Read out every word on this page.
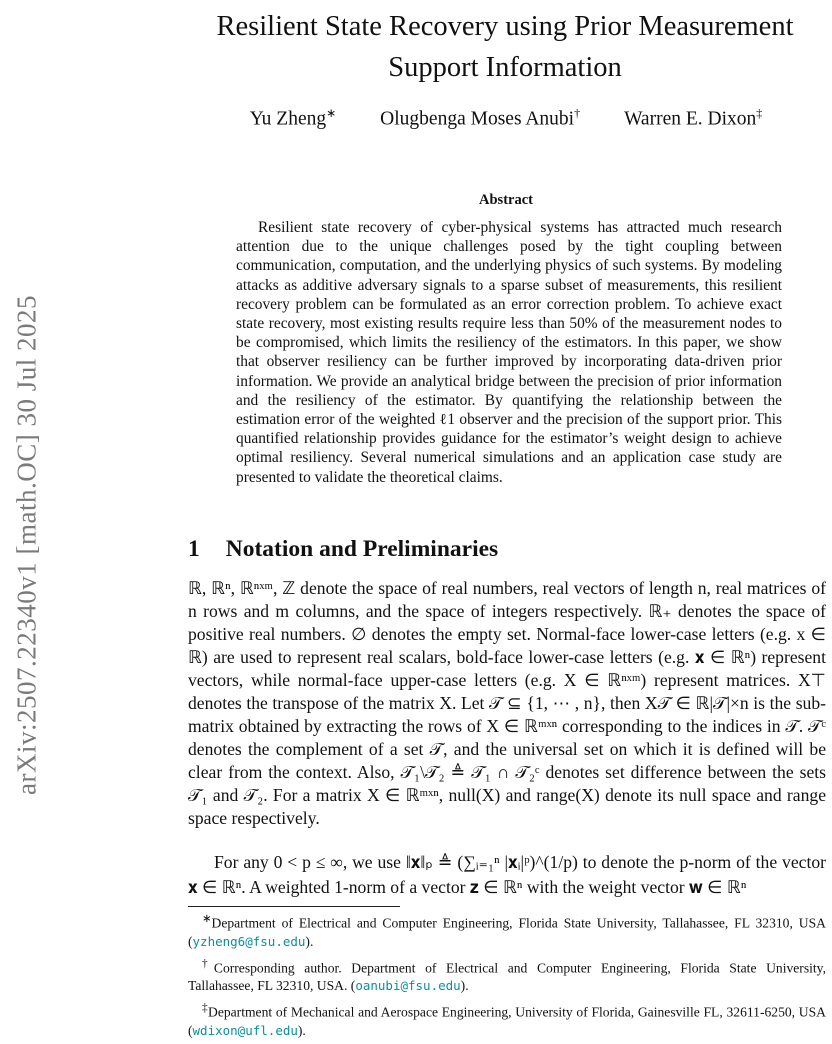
arXiv:2507.22340v1 [math.OC] 30 Jul 2025
Resilient State Recovery using Prior Measurement Support Information
Yu Zheng∗ Olugbenga Moses Anubi† Warren E. Dixon‡
Abstract

Resilient state recovery of cyber-physical systems has attracted much research attention due to the unique challenges posed by the tight coupling between communication, computation, and the underlying physics of such systems. By modeling attacks as additive adversary signals to a sparse subset of measurements, this resilient recovery problem can be formulated as an error correction problem. To achieve exact state recovery, most existing results require less than 50% of the measurement nodes to be compromised, which limits the resiliency of the estimators. In this paper, we show that observer resiliency can be further improved by incorporating data-driven prior information. We provide an analytical bridge between the precision of prior information and the resiliency of the estimator. By quantifying the relationship between the estimation error of the weighted ℓ1 observer and the precision of the support prior. This quantified relationship provides guidance for the estimator’s weight design to achieve optimal resiliency. Several numerical simulations and an application case study are presented to validate the theoretical claims.

1 Notation and Preliminaries

ℝ, ℝⁿ, ℝⁿˣᵐ, ℤ denote the space of real numbers, real vectors of length n, real matrices of n rows and m columns, and the space of integers respectively. ℝ₊ denotes the space of positive real numbers. ∅ denotes the empty set. Normal-face lower-case letters (e.g. x ∈ ℝ) are used to represent real scalars, bold-face lower-case letters (e.g. 𝐱 ∈ ℝⁿ) represent vectors, while normal-face upper-case letters (e.g. X ∈ ℝⁿˣᵐ) represent matrices. X⊤ denotes the transpose of the matrix X. Let 𝒯 ⊆ {1, ⋯ , n}, then X𝒯 ∈ ℝ|𝒯|×n is the sub-matrix obtained by extracting the rows of X ∈ ℝᵐˣⁿ corresponding to the indices in 𝒯. 𝒯ᶜ denotes the complement of a set 𝒯, and the universal set on which it is defined will be clear from the context. Also, 𝒯₁\𝒯₂ ≜ 𝒯₁ ∩ 𝒯₂ᶜ denotes set difference between the sets 𝒯₁ and 𝒯₂. For a matrix X ∈ ℝᵐˣⁿ, null(X) and range(X) denote its null space and range space respectively.

For any 0 < p ≤ ∞, we use ‖𝐱‖ₚ ≜ (∑ᵢ₌₁ⁿ |𝐱ᵢ|ᵖ)^(1/p) to denote the p-norm of the vector 𝐱 ∈ ℝⁿ. A weighted 1-norm of a vector 𝐳 ∈ ℝⁿ with the weight vector 𝐰 ∈ ℝⁿ

∗Department of Electrical and Computer Engineering, Florida State University, Tallahassee, FL 32310, USA (yzheng6@fsu.edu).

†Corresponding author. Department of Electrical and Computer Engineering, Florida State University, Tallahassee, FL 32310, USA. (oanubi@fsu.edu).

‡Department of Mechanical and Aerospace Engineering, University of Florida, Gainesville FL, 32611-6250, USA (wdixon@ufl.edu).
